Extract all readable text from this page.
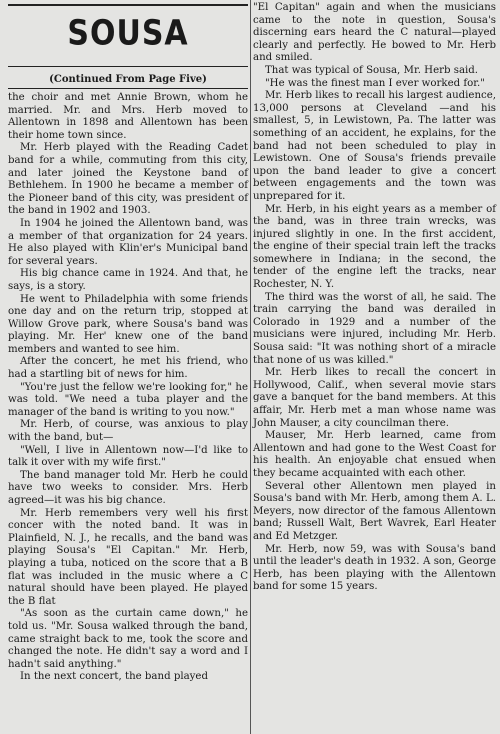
SOUSA
(Continued From Page Five)

the choir and met Annie Brown, whom he married. Mr. and Mrs. Herb moved to Allentown in 1898 and Allentown has been their home town since.

Mr. Herb played with the Reading Cadet band for a while, commuting from this city, and later joined the Keystone band of Bethlehem. In 1900 he became a member of the Pioneer band of this city, was president of the band in 1902 and 1903.

In 1904 he joined the Allentown band, was a member of that organization for 24 years. He also played with Klin'er's Municipal band for several years.

His big chance came in 1924. And that, he says, is a story.

He went to Philadelphia with some friends one day and on the return trip, stopped at Willow Grove park, where Sousa's band was playing. Mr. Her' knew one of the band members and wanted to see him.

After the concert, he met his friend, who had a startling bit of news for him.

"You're just the fellow we're looking for," he was told. "We need a tuba player and the manager of the band is writing to you now."

Mr. Herb, of course, was anxious to play with the band, but—

"Well, I live in Allentown now—I'd like to talk it over with my wife first."

The band manager told Mr. Herb he could have two weeks to consider. Mrs. Herb agreed—it was his big chance.

Mr. Herb remembers very well his first concer with the noted band. It was in Plainfield, N. J., he recalls, and the band was playing Sousa's "El Capitan." Mr. Herb, playing a tuba, noticed on the score that a B flat was included in the music where a C natural should have been played. He played the B flat

"As soon as the curtain came down," he told us. "Mr. Sousa walked through the band, came straight back to me, took the score and changed the note. He didn't say a word and I hadn't said anything."

In the next concert, the band played

"El Capitan" again and when the musicians came to the note in question, Sousa's discerning ears heard the C natural—played clearly and perfectly. He bowed to Mr. Herb and smiled.

That was typical of Sousa, Mr. Herb said.

"He was the finest man I ever worked for."

Mr. Herb likes to recall his largest audience, 13,000 persons at Cleveland —and his smallest, 5, in Lewistown, Pa. The latter was something of an accident, he explains, for the band had not been scheduled to play in Lewistown. One of Sousa's friends prevaile upon the band leader to give a concert between engagements and the town was unprepared for it.

Mr. Herb, in his eight years as a member of the band, was in three train wrecks, was injured slightly in one. In the first accident, the engine of their special train left the tracks somewhere in Indiana; in the second, the tender of the engine left the tracks, near Rochester, N. Y.

The third was the worst of all, he said. The train carrying the band was derailed in Colorado in 1929 and a number of the musicians were injured, including Mr. Herb. Sousa said: "It was nothing short of a miracle that none of us was killed."

Mr. Herb likes to recall the concert in Hollywood, Calif., when several movie stars gave a banquet for the band members. At this affair, Mr. Herb met a man whose name was John Mauser, a city councilman there.

Mauser, Mr. Herb learned, came from Allentown and had gone to the West Coast for his health. An enjoyable chat ensued when they became acquainted with each other.

Several other Allentown men played in Sousa's band with Mr. Herb, among them A. L. Meyers, now director of the famous Allentown band; Russell Walt, Bert Wavrek, Earl Heater and Ed Metzger.

Mr. Herb, now 59, was with Sousa's band until the leader's death in 1932. A son, George Herb, has been playing with the Allentown band for some 15 years.
